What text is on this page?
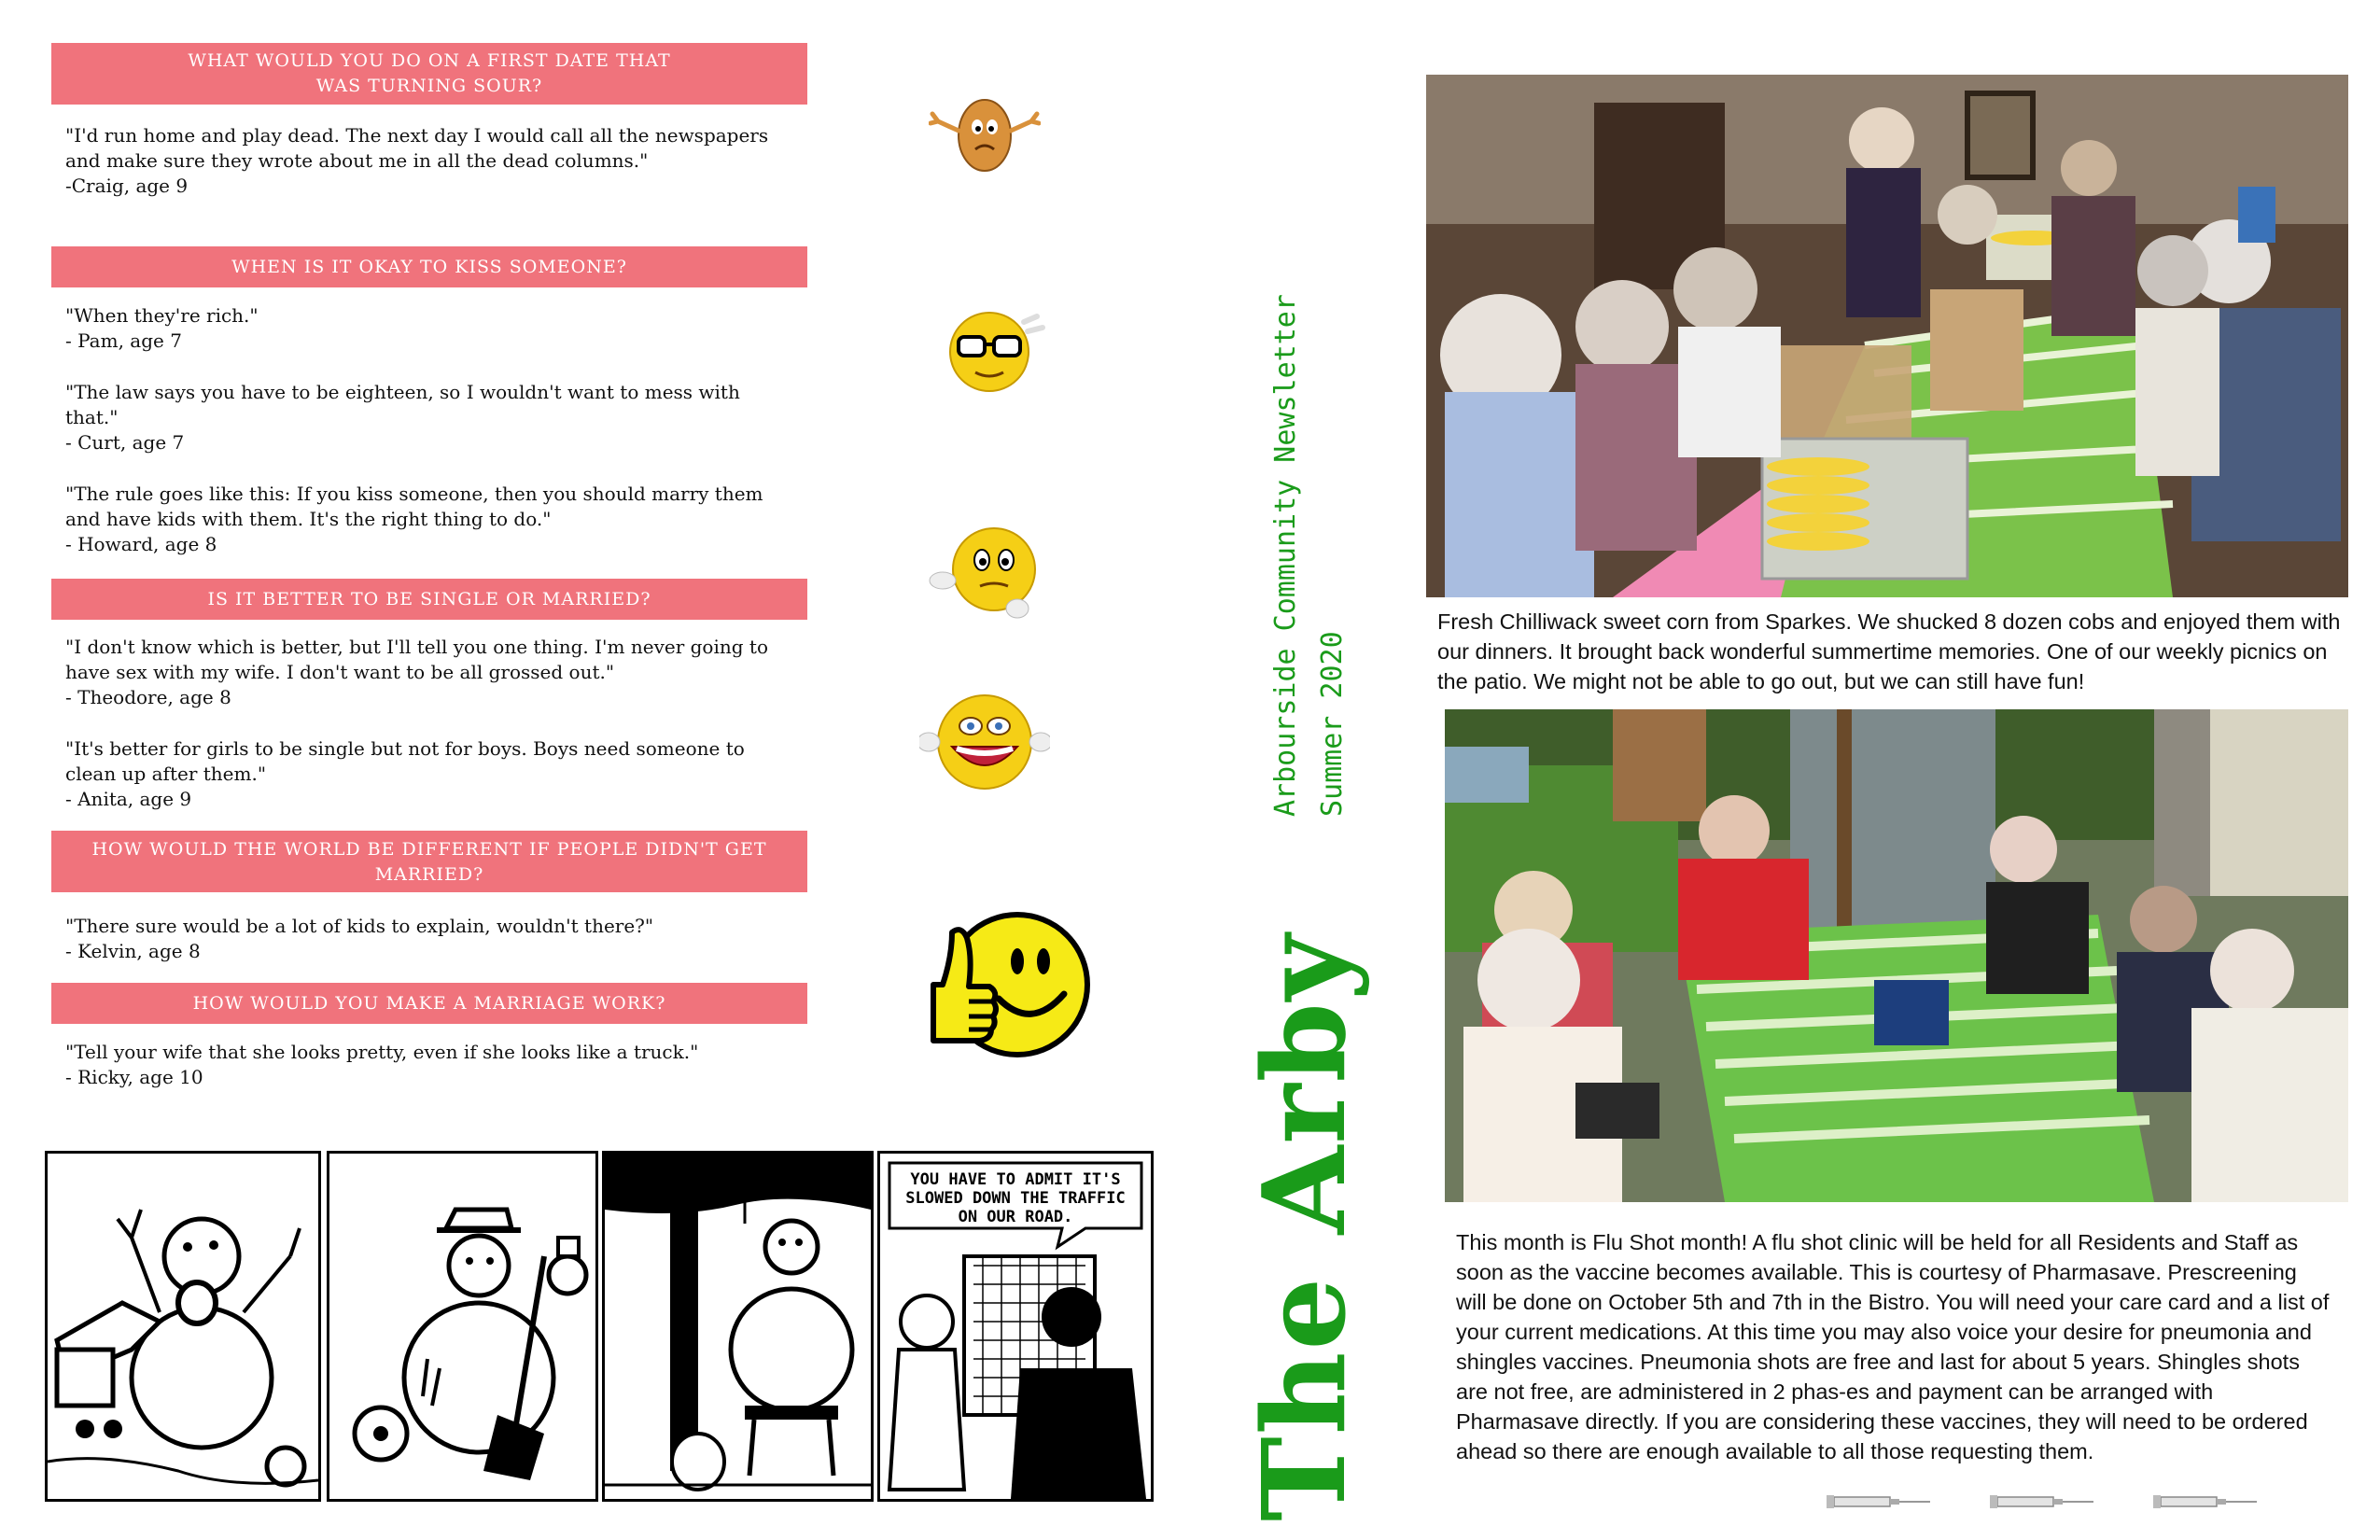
WHAT WOULD YOU DO ON A FIRST DATE THAT WAS TURNING SOUR?
"I'd run home and play dead. The next day I would call all the newspapers and make sure they wrote about me in all the dead columns."
-Craig, age 9
WHEN IS IT OKAY TO KISS SOMEONE?
"When they're rich."
- Pam, age 7
"The law says you have to be eighteen, so I wouldn't want to mess with that."
- Curt, age 7
"The rule goes like this: If you kiss someone, then you should marry them and have kids with them. It's the right thing to do."
- Howard, age 8
IS IT BETTER TO BE SINGLE OR MARRIED?
"I don't know which is better, but I'll tell you one thing. I'm never going to have sex with my wife. I don't want to be all grossed out."
- Theodore, age 8
"It's better for girls to be single but not for boys. Boys need someone to clean up after them."
- Anita, age 9
HOW WOULD THE WORLD BE DIFFERENT IF PEOPLE DIDN'T GET MARRIED?
"There sure would be a lot of kids to explain, wouldn't there?"
- Kelvin, age 8
HOW WOULD YOU MAKE A MARRIAGE WORK?
"Tell your wife that she looks pretty, even if she looks like a truck."
- Ricky, age 10
YOU HAVE TO ADMIT IT'S
SLOWED DOWN THE TRAFFIC
ON OUR ROAD. The Arby
Arbourside Community Newsletter Summer 2020
Fresh Chilliwack sweet corn from Sparkes. We shucked 8 dozen cobs and enjoyed them with our dinners. It brought back wonderful summertime memories. One of our weekly picnics on the patio. We might not be able to go out, but we can still have fun!
This month is Flu Shot month! A flu shot clinic will be held for all Residents and Staff as soon as the vaccine becomes available. This is courtesy of Pharmasave. Prescreening will be done on October 5th and 7th in the Bistro. You will need your care card and a list of your current medications. At this time you may also voice your desire for pneumonia and shingles vaccines. Pneumonia shots are free and last for about 5 years. Shingles shots are not free, are administered in 2 phas-es and payment can be arranged with Pharmasave directly. If you are considering these vaccines, they will need to be ordered ahead so there are enough available to all those requesting them.
